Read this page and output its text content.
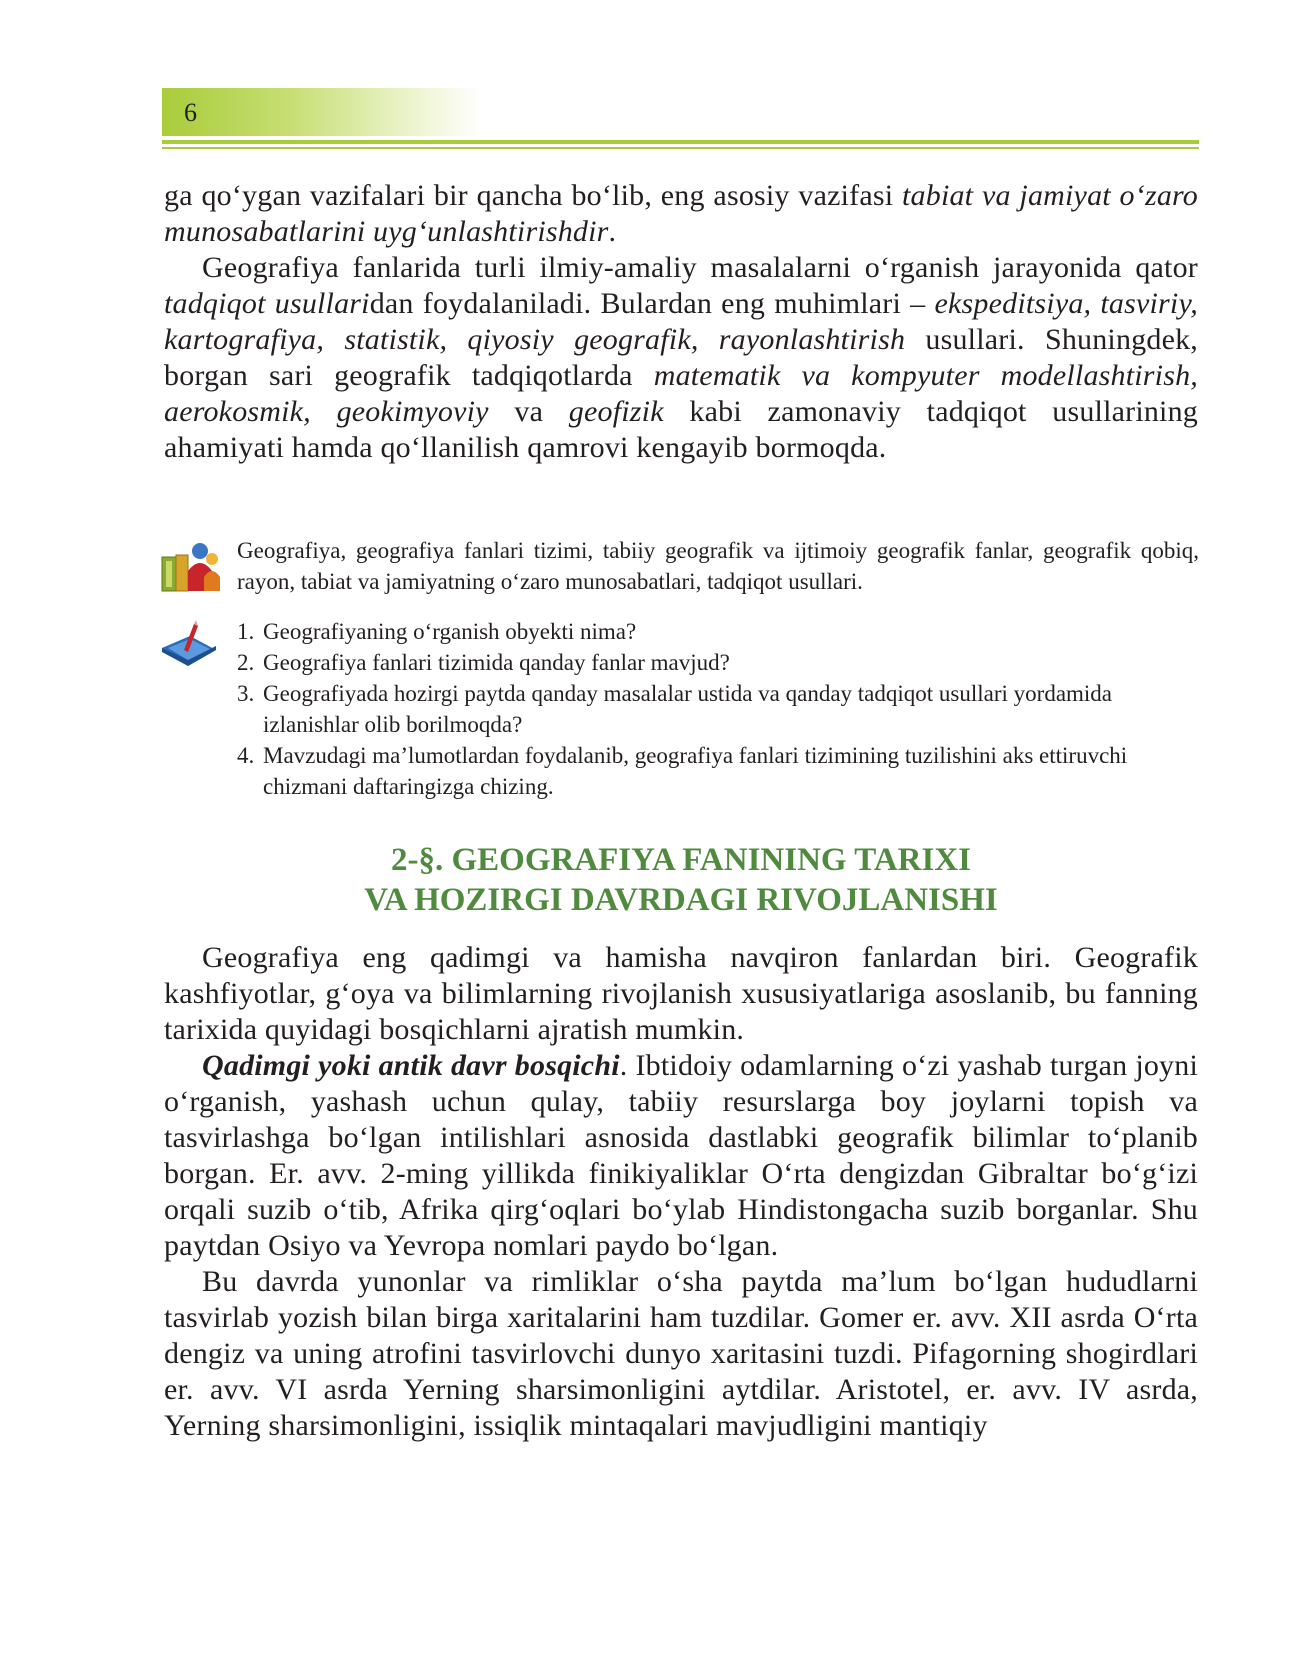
6

ga qo‘ygan vazifalari bir qancha bo‘lib, eng asosiy vazifasi tabiat va jamiyat o‘zaro munosabatlarini uyg‘unlashtirishdir.

Geografiya fanlarida turli ilmiy-amaliy masalalarni o‘rganish jarayonida qator tadqiqot usullaridan foydalaniladi. Bulardan eng muhimlari – ekspeditsiya, tasviriy, kartografiya, statistik, qiyosiy geografik, rayonlashtirish usullari. Shuningdek, borgan sari geografik tadqiqotlarda matematik va kompyuter modellashtirish, aerokosmik, geokimyoviy va geofizik kabi zamonaviy tadqiqot usullarining ahamiyati hamda qo‘llanilish qamrovi kengayib bormoqda.

Geografiya, geografiya fanlari tizimi, tabiiy geografik va ijtimoiy geografik fanlar, geografik qobiq, rayon, tabiat va jamiyatning o‘zaro munosabatlari, tadqiqot usullari.
1. Geografiyaning o‘rganish obyekti nima?
2. Geografiya fanlari tizimida qanday fanlar mavjud?
3. Geografiyada hozirgi paytda qanday masalalar ustida va qanday tadqiqot usullari yordamida izlanishlar olib borilmoqda?
4. Mavzudagi ma’lumotlardan foydalanib, geografiya fanlari tizimining tuzilishini aks ettiruvchi chizmani daftaringizga chizing.
2-§. GEOGRAFIYA FANINING TARIXI
VA HOZIRGI DAVRDAGI RIVOJLANISHI

Geografiya eng qadimgi va hamisha navqiron fanlardan biri. Geografik kashfiyotlar, g‘oya va bilimlarning rivojlanish xususiyatlariga asoslanib, bu fanning tarixida quyidagi bosqichlarni ajratish mumkin.

Qadimgi yoki antik davr bosqichi. Ibtidoiy odamlarning o‘zi yashab turgan joyni o‘rganish, yashash uchun qulay, tabiiy resurslarga boy joylarni topish va tasvirlashga bo‘lgan intilishlari asnosida dastlabki geografik bilimlar to‘planib borgan. Er. avv. 2-ming yillikda finikiyaliklar O‘rta dengizdan Gibraltar bo‘g‘izi orqali suzib o‘tib, Afrika qirg‘oqlari bo‘ylab Hindistongacha suzib borganlar. Shu paytdan Osiyo va Yevropa nomlari paydo bo‘lgan.

Bu davrda yunonlar va rimliklar o‘sha paytda ma’lum bo‘lgan hududlarni tasvirlab yozish bilan birga xaritalarini ham tuzdilar. Gomer er. avv. XII asrda O‘rta dengiz va uning atrofini tasvirlovchi dunyo xaritasini tuzdi. Pifagorning shogirdlari er. avv. VI asrda Yerning sharsimonligini aytdilar. Aristotel, er. avv. IV asrda, Yerning sharsimonligini, issiqlik mintaqalari mavjudligini mantiqiy
